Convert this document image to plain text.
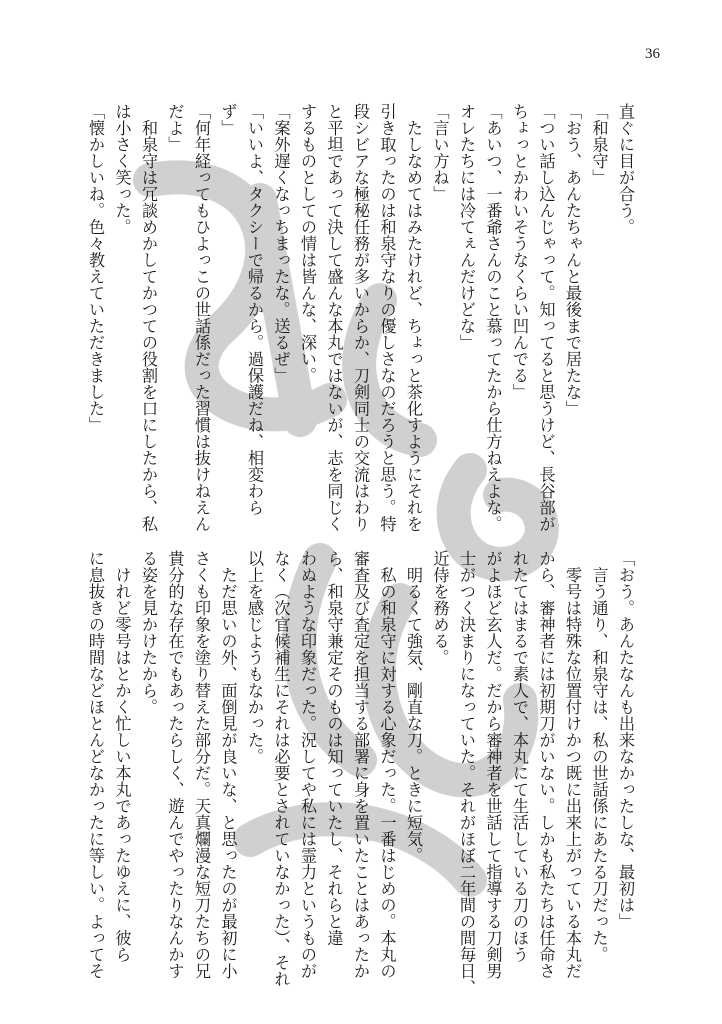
36
直ぐに目が合う。
「和泉守」
「おう、あんたちゃんと最後まで居たな」
「つい話し込んじゃって。知ってると思うけど、長谷部が
ちょっとかわいそうなくらい凹んでる」
「あいつ、一番爺さんのこと慕ってたから仕方ねえよな。
オレたちには冷てぇんだけどな」
「言い方ね」
　たしなめてはみたけれど、ちょっと茶化すようにそれを
引き取ったのは和泉守なりの優しさなのだろうと思う。特
段シビアな極秘任務が多いからか、刀剣同士の交流はわり
と平坦であって決して盛んな本丸ではないが、志を同じく
するものとしての情は皆んな、深い。
「案外遅くなっちまったな。送るぜ」
「いいよ、タクシーで帰るから。過保護だね、相変わら
ず」
「何年経ってもひよっこの世話係だった習慣は抜けねえん
だよ」
　和泉守は冗談めかしてかつての役割を口にしたから、私
は小さく笑った。
「懐かしいね。色々教えていただきました」
「おう。あんたなんも出来なかったしな、最初は」
　言う通り、和泉守は、私の世話係にあたる刀だった。
　零号は特殊な位置付けかつ既に出来上がっている本丸だ
から、審神者には初期刀がいない。しかも私たちは任命さ
れたてはまるで素人で、本丸にて生活している刀のほう
がよほど玄人だ。だから審神者を世話して指導する刀剣男
士がつく決まりになっていた。それがほぼ二年間の間毎日、
近侍を務める。
　明るくて強気、剛直な刀。ときに短気。
　私の和泉守に対する心象だった。一番はじめの。本丸の
審査及び査定を担当する部署に身を置いたことはあったか
ら、和泉守兼定そのものは知っていたし、それらと違
わぬような印象だった。況してや私には霊力というものが
なく（次官候補生にそれは必要とされていなかった）、それ
以上を感じようもなかった。
　ただ思いの外、面倒見が良いな、と思ったのが最初に小
さくも印象を塗り替えた部分だ。天真爛漫な短刀たちの兄
貴分的な存在でもあったらしく、遊んでやったりなんかす
る姿を見かけたから。
　けれど零号はとかく忙しい本丸であったゆえに、彼ら
に息抜きの時間などほとんどなかったに等しい。よってそ
